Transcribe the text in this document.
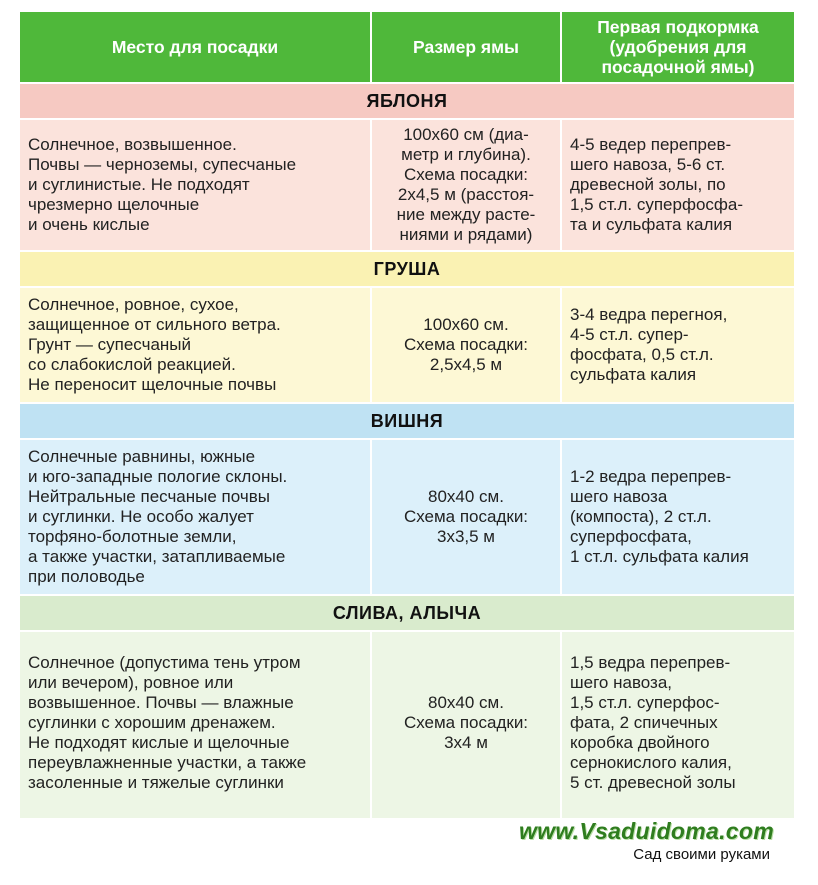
Место для посадки	Размер ямы
Первая подкормка
(удобрения для
посадочной ямы)
ЯБЛОНЯ
Солнечное, возвышенное.
Почвы — черноземы, супесчаные
и суглинистые. Не подходят
чрезмерно щелочные
и очень кислые
100х60 см (диа-
метр и глубина).
Схема посадки:
2х4,5 м (расстоя-
ние между расте-
ниями и рядами)
4-5 ведер перепрев-
шего навоза, 5-6 ст.
древесной золы, по
1,5 ст.л. суперфосфа-
та и сульфата калия
ГРУША
Солнечное, ровное, сухое,
защищенное от сильного ветра.
Грунт — супесчаный
со слабокислой реакцией.
Не переносит щелочные почвы
100х60 см.
Схема посадки:
2,5х4,5 м
3-4 ведра перегноя,
4-5 ст.л. супер-
фосфата, 0,5 ст.л.
сульфата калия
ВИШНЯ
Солнечные равнины, южные
и юго-западные пологие склоны.
Нейтральные песчаные почвы
и суглинки. Не особо жалует
торфяно-болотные земли,
а также участки, затапливаемые
при половодье
80х40 см.
Схема посадки:
3х3,5 м
1-2 ведра перепрев-
шего навоза
(компоста), 2 ст.л.
суперфосфата,
1 ст.л. сульфата калия
СЛИВА, АЛЫЧА
Солнечное (допустима тень утром
или вечером), ровное или
возвышенное. Почвы — влажные
суглинки с хорошим дренажем.
Не подходят кислые и щелочные
переувлажненные участки, а также
засоленные и тяжелые суглинки
80х40 см.
Схема посадки:
3х4 м
1,5 ведра перепрев-
шего навоза,
1,5 ст.л. суперфос-
фата, 2 спичечных
коробка двойного
сернокислого калия,
5 ст. древесной золы
www.Vsaduidoma.com
Сад своими руками
